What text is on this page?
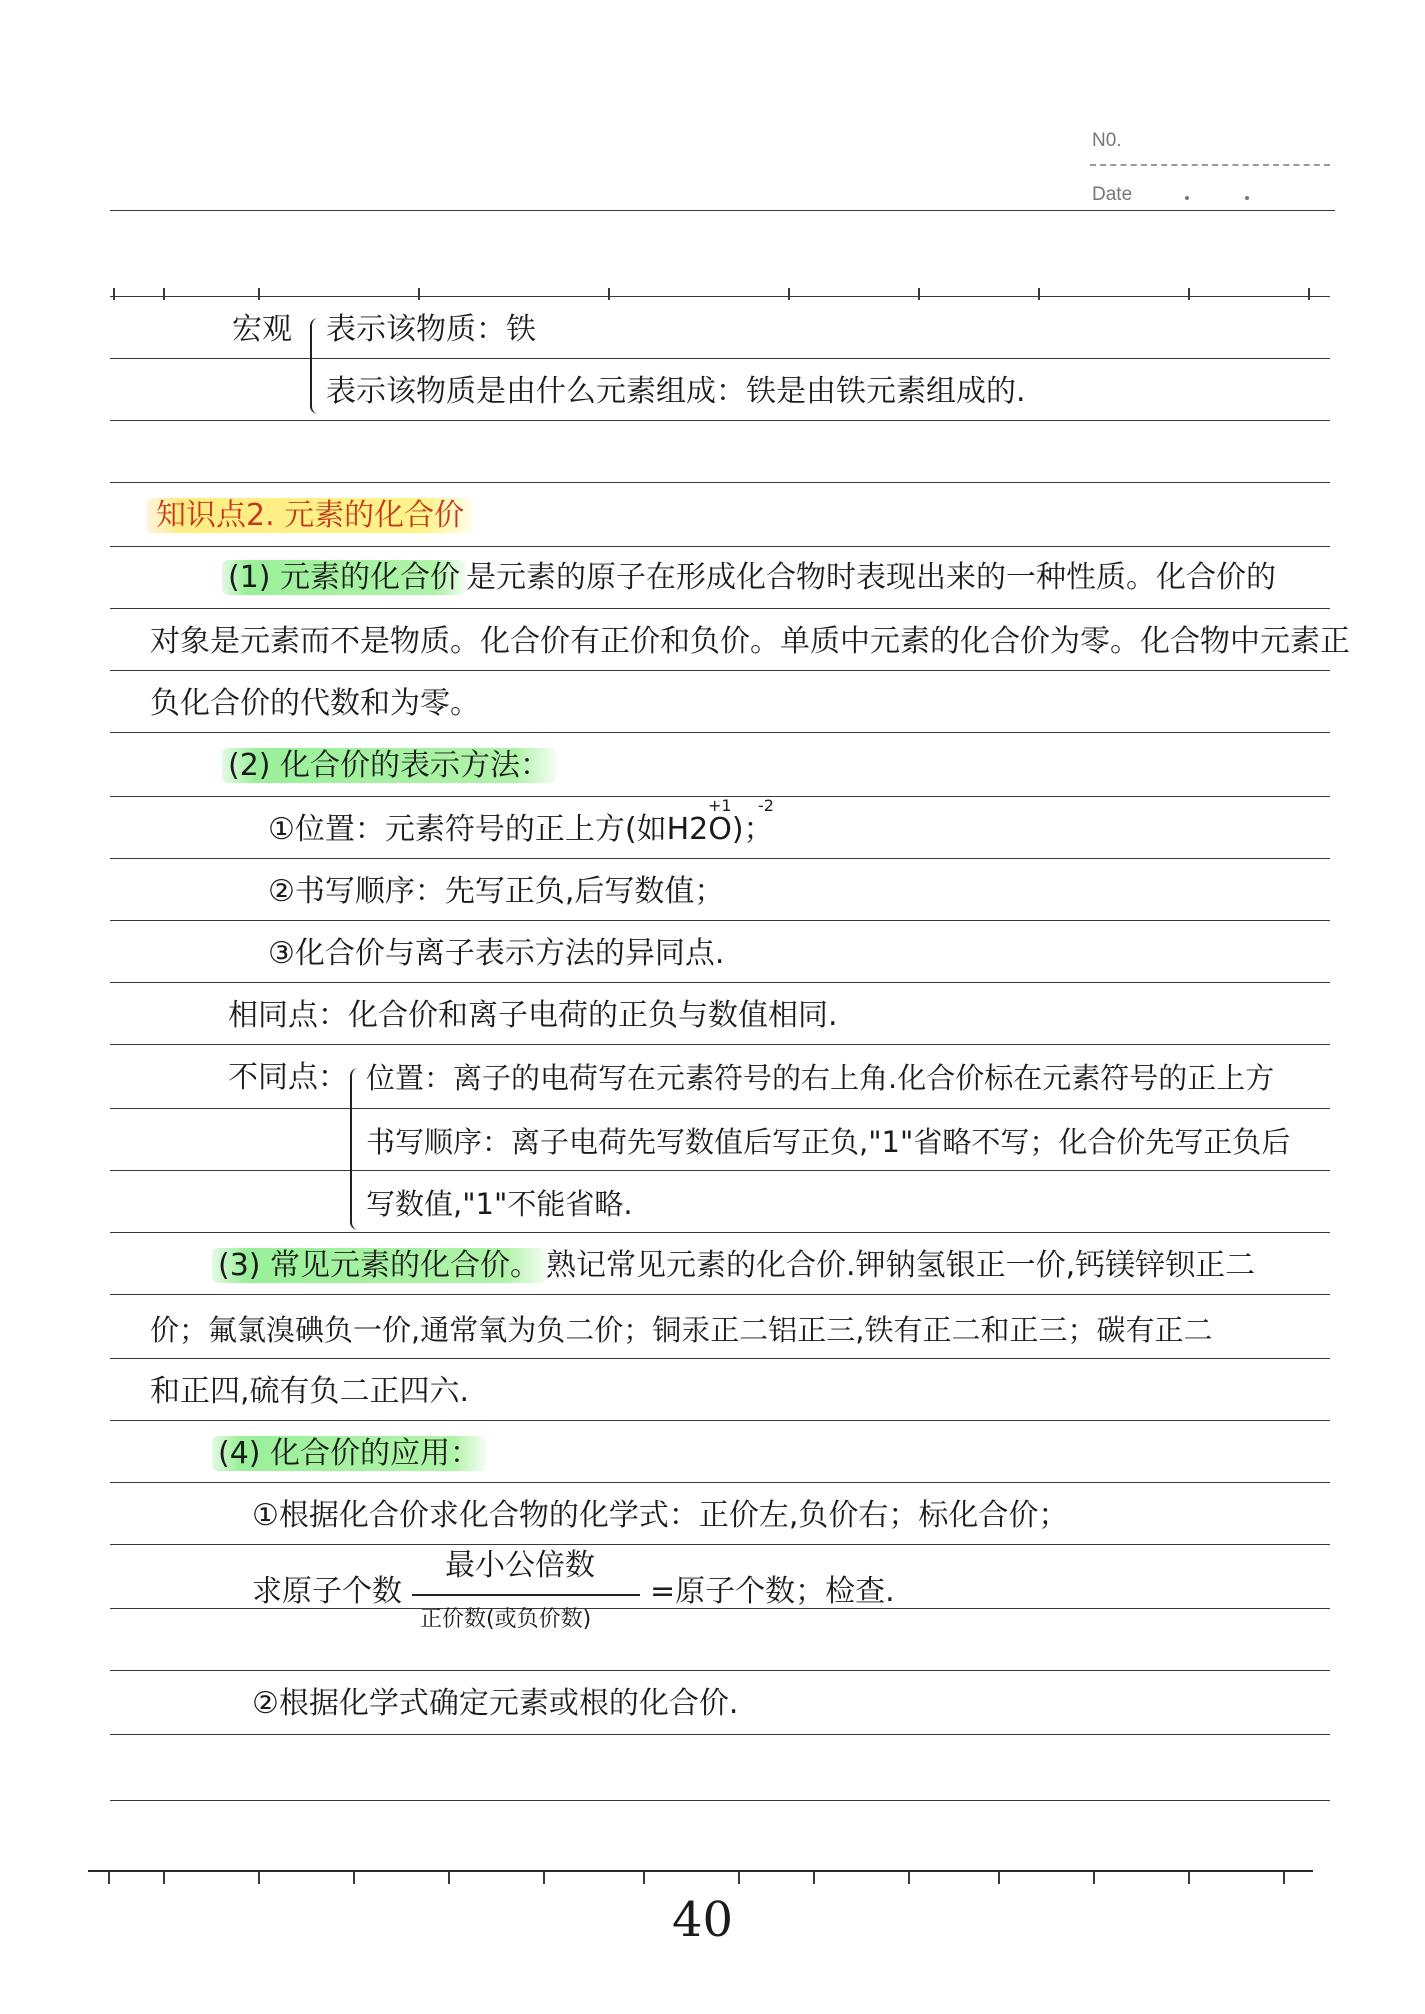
N0.
Date
宏观 表示该物质：铁
表示该物质是由什么元素组成：铁是由铁元素组成的.
知识点2. 元素的化合价
(1) 元素的化合价 是元素的原子在形成化合物时表现出来的一种性质。化合价的
对象是元素而不是物质。化合价有正价和负价。单质中元素的化合价为零。化合物中元素正
负化合价的代数和为零。
(2) 化合价的表示方法：
①位置：元素符号的正上方(如H2O)；
+1 -2
②书写顺序：先写正负,后写数值；
③化合价与离子表示方法的异同点.
相同点：化合价和离子电荷的正负与数值相同.
不同点： 位置：离子的电荷写在元素符号的右上角.化合价标在元素符号的正上方
书写顺序：离子电荷先写数值后写正负,"1"省略不写；化合价先写正负后
写数值,"1"不能省略.
(3) 常见元素的化合价。 熟记常见元素的化合价.钾钠氢银正一价,钙镁锌钡正二
价；氟氯溴碘负一价,通常氧为负二价；铜汞正二铝正三,铁有正二和正三；碳有正二
和正四,硫有负二正四六.
(4) 化合价的应用：
①根据化合价求化合物的化学式：正价左,负价右；标化合价；
求原子个数
最小公倍数
正价数(或负价数)
=原子个数；检查.
②根据化学式确定元素或根的化合价.
40
